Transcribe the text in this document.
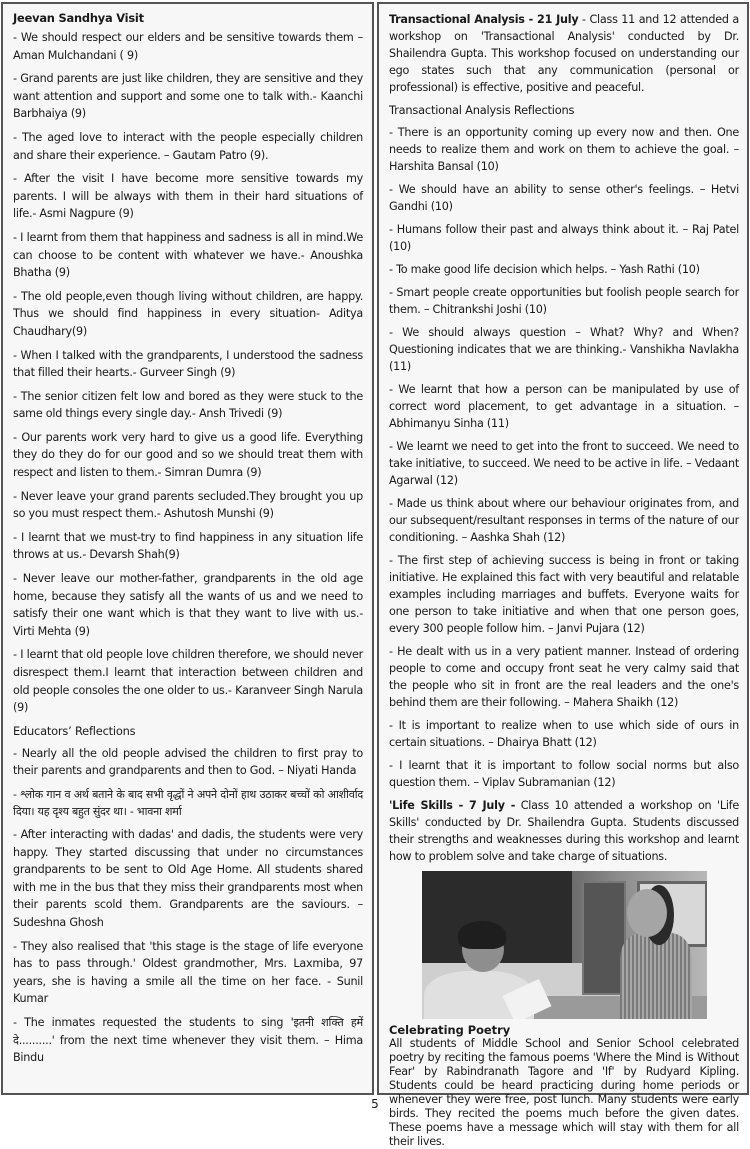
Jeevan Sandhya Visit

- We should respect our elders and be sensitive towards them – Aman Mulchandani ( 9)

- Grand parents are just like children, they are sensitive and they want attention and support and some one to talk with.- Kaanchi Barbhaiya (9)

- The aged love to interact with the people especially children and share their experience. – Gautam Patro (9).

- After the visit I have become more sensitive towards my parents. I will be always with them in their hard situations of life.- Asmi Nagpure (9)

- I learnt from them that happiness and sadness is all in mind.We can choose to be content with whatever we have.- Anoushka Bhatha (9)

- The old people,even though living without children, are happy. Thus we should find happiness in every situation- Aditya Chaudhary(9)

- When I talked with the grandparents, I understood the sadness that filled their hearts.- Gurveer Singh (9)

- The senior citizen felt low and bored as they were stuck to the same old things every single day.- Ansh Trivedi (9)

- Our parents work very hard to give us a good life. Everything they do they do for our good and so we should treat them with respect and listen to them.- Simran Dumra (9)

- Never leave your grand parents secluded.They brought you up so you must respect them.- Ashutosh Munshi (9)

- I learnt that we must-try to find happiness in any situation life throws at us.- Devarsh Shah(9)

- Never leave our mother-father, grandparents in the old age home, because they satisfy all the wants of us and we need to satisfy their one want which is that they want to live with us.- Virti Mehta (9)

- I learnt that old people love children therefore, we should never disrespect them.I learnt that interaction between children and old people consoles the one older to us.- Karanveer Singh Narula (9)

Educators’ Reflections

- Nearly all the old people advised the children to first pray to their parents and grandparents and then to God. – Niyati Handa

- श्लोक गान व अर्थ बताने के बाद सभी वृद्धों ने अपने दोनों हाथ उठाकर बच्चों को आशीर्वाद दिया। यह दृश्य बहुत सुंदर था। - भावना शर्मा

- After interacting with dadas' and dadis, the students were very happy. They started discussing that under no circumstances grandparents to be sent to Old Age Home. All students shared with me in the bus that they miss their grandparents most when their parents scold them. Grandparents are the saviours. – Sudeshna Ghosh

- They also realised that 'this stage is the stage of life everyone has to pass through.' Oldest grandmother, Mrs. Laxmiba, 97 years, she is having a smile all the time on her face. - Sunil Kumar

- The inmates requested the students to sing 'इतनी शक्ति हमें दे..........' from the next time whenever they visit them. – Hima Bindu

Transactional Analysis - 21 July - Class 11 and 12 attended a workshop on 'Transactional Analysis' conducted by Dr. Shailendra Gupta. This workshop focused on understanding our ego states such that any communication (personal or professional) is effective, positive and peaceful.

Transactional Analysis Reflections

- There is an opportunity coming up every now and then. One needs to realize them and work on them to achieve the goal. – Harshita Bansal (10)

- We should have an ability to sense other's feelings. – Hetvi Gandhi (10)

- Humans follow their past and always think about it. – Raj Patel (10)

- To make good life decision which helps. – Yash Rathi (10)

- Smart people create opportunities but foolish people search for them. – Chitrankshi Joshi (10)

- We should always question – What? Why? and When? Questioning indicates that we are thinking.- Vanshikha Navlakha (11)

- We learnt that how a person can be manipulated by use of correct word placement, to get advantage in a situation. – Abhimanyu Sinha (11)

- We learnt we need to get into the front to succeed. We need to take initiative, to succeed. We need to be active in life. – Vedaant Agarwal (12)

- Made us think about where our behaviour originates from, and our subsequent/resultant responses in terms of the nature of our conditioning. – Aashka Shah (12)

- The first step of achieving success is being in front or taking initiative. He explained this fact with very beautiful and relatable examples including marriages and buffets. Everyone waits for one person to take initiative and when that one person goes, every 300 people follow him. – Janvi Pujara (12)

- He dealt with us in a very patient manner. Instead of ordering people to come and occupy front seat he very calmy said that the people who sit in front are the real leaders and the one's behind them are their following. – Mahera Shaikh (12)

- It is important to realize when to use which side of ours in certain situations. – Dhairya Bhatt (12)

- I learnt that it is important to follow social norms but also question them. – Viplav Subramanian (12)

'Life Skills - 7 July - Class 10 attended a workshop on 'Life Skills' conducted by Dr. Shailendra Gupta. Students discussed their strengths and weaknesses during this workshop and learnt how to problem solve and take charge of situations.

Celebrating Poetry

All students of Middle School and Senior School celebrated poetry by reciting the famous poems 'Where the Mind is Without Fear' by Rabindranath Tagore and 'If' by Rudyard Kipling. Students could be heard practicing during home periods or whenever they were free, post lunch. Many students were early birds. They recited the poems much before the given dates. These poems have a message which will stay with them for all their lives.

5
